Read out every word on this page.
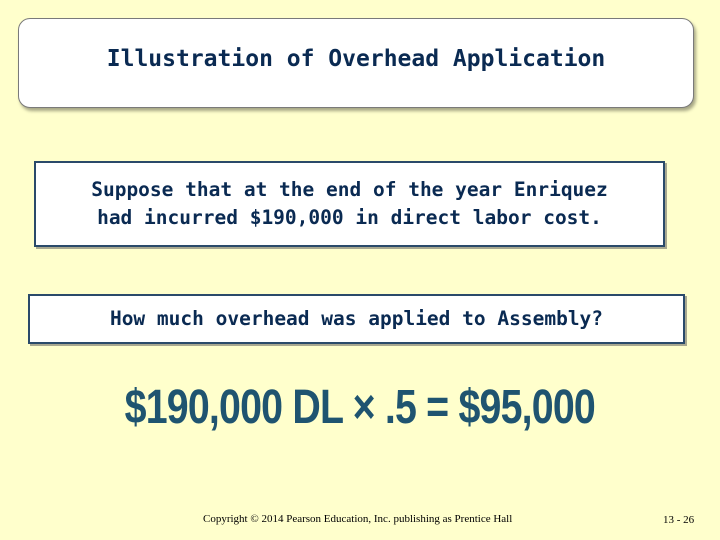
Illustration of Overhead Application
Suppose that at the end of the year Enriquez
had incurred $190,000 in direct labor cost.
How much overhead was applied to Assembly?
$190,000 DL × .5 = $95,000
Copyright © 2014 Pearson Education, Inc. publishing as Prentice Hall	13 - 26
